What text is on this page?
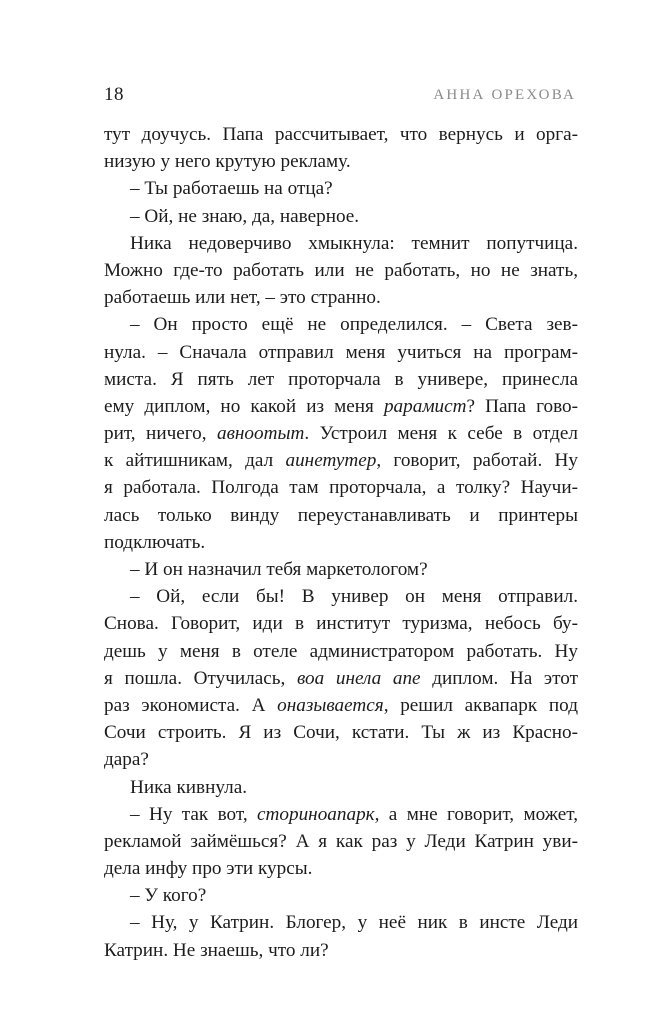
18	АННА ОРЕХОВА
тут доучусь. Папа рассчитывает, что вернусь и орга-
низую у него крутую рекламу.
– Ты работаешь на отца?
– Ой, не знаю, да, наверное.
Ника недоверчиво хмыкнула: темнит попутчица.
Можно где-то работать или не работать, но не знать,
работаешь или нет, – это странно.
– Он просто ещё не определился. – Света зев-
нула. – Сначала отправил меня учиться на програм-
миста. Я пять лет проторчала в универе, принесла
ему диплом, но какой из меня рарамист? Папа гово-
рит, ничего, авноотыт. Устроил меня к себе в отдел
к айтишникам, дал аинетутер, говорит, работай. Ну
я работала. Полгода там проторчала, а толку? Научи-
лась только винду переустанавливать и принтеры
подключать.
– И он назначил тебя маркетологом?
– Ой, если бы! В универ он меня отправил.
Снова. Говорит, иди в институт туризма, небось бу-
дешь у меня в отеле администратором работать. Ну
я пошла. Отучилась, воа инела апе диплом. На этот
раз экономиста. А оназывается, решил аквапарк под
Сочи строить. Я из Сочи, кстати. Ты ж из Красно-
дара?
Ника кивнула.
– Ну так вот, сториноапарк, а мне говорит, может,
рекламой займёшься? А я как раз у Леди Катрин уви-
дела инфу про эти курсы.
– У кого?
– Ну, у Катрин. Блогер, у неё ник в инсте Леди
Катрин. Не знаешь, что ли?
